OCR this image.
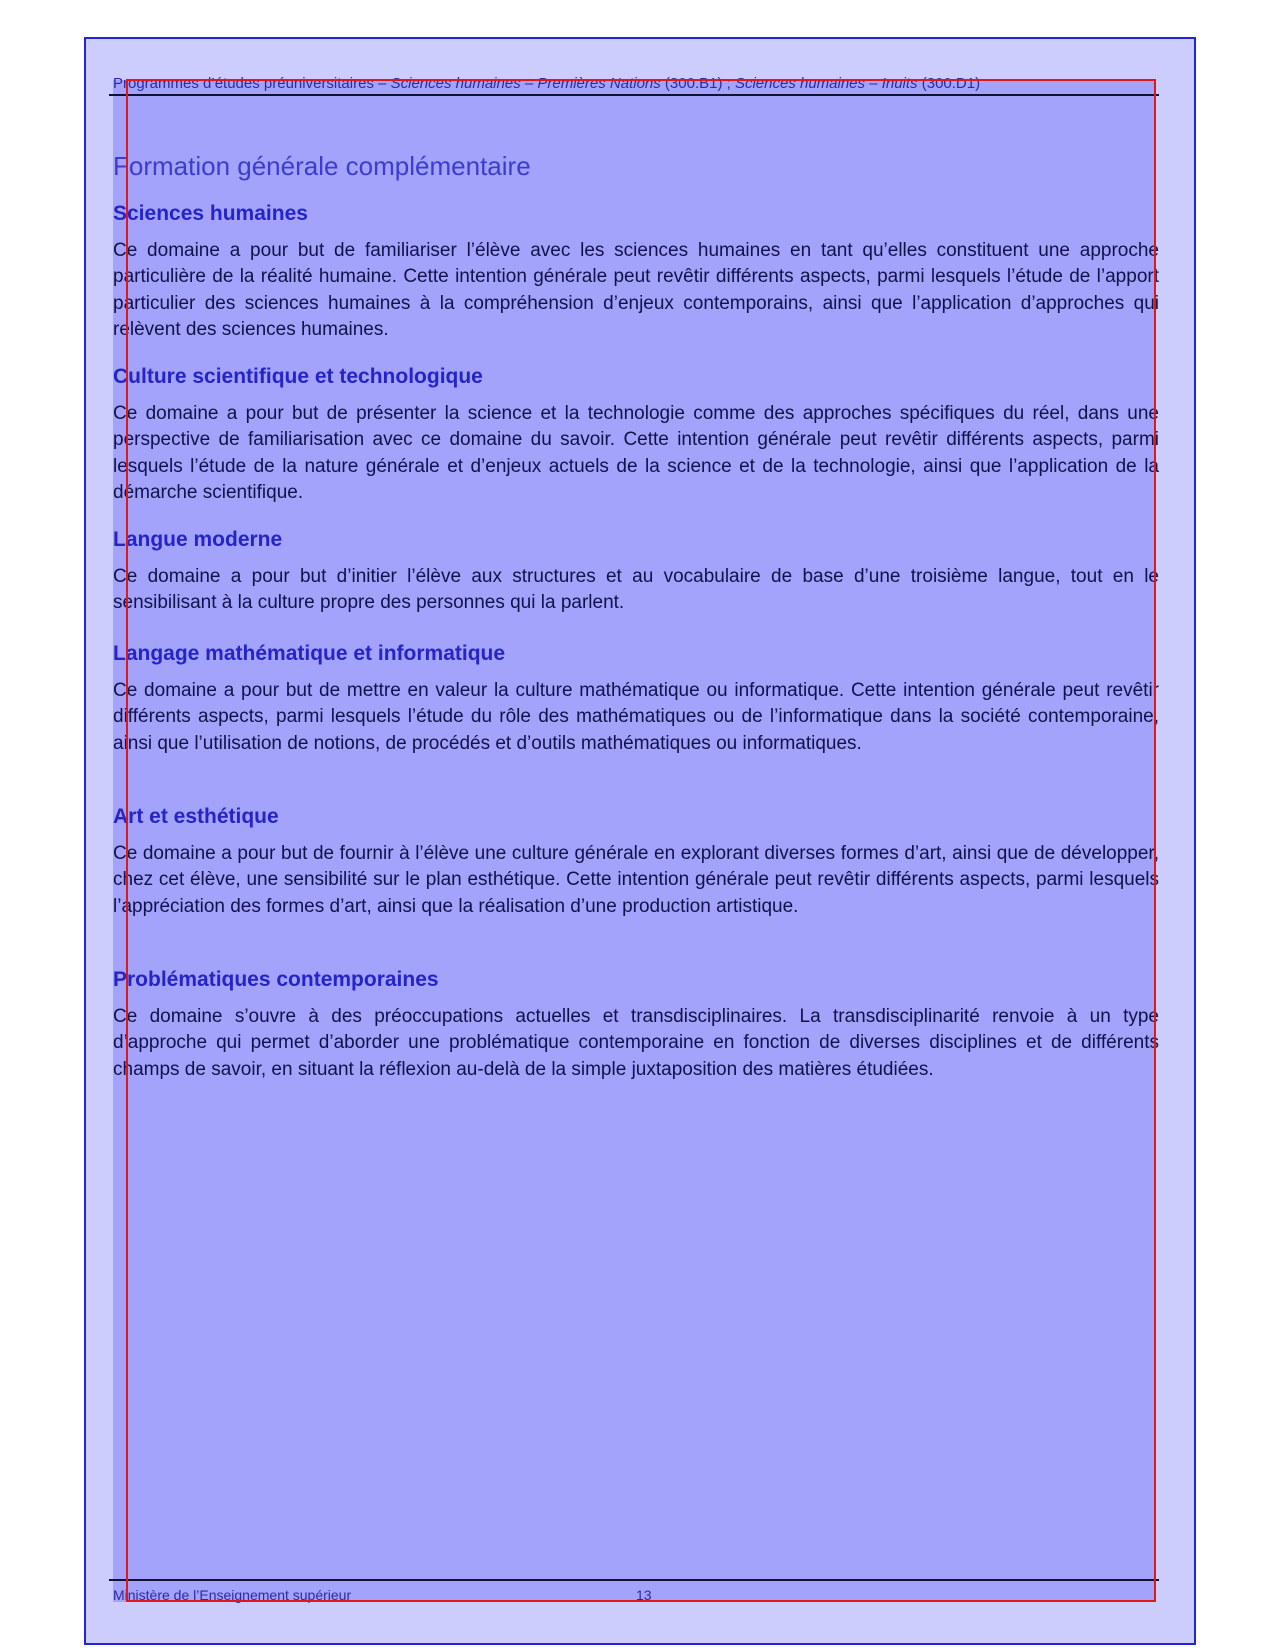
Programmes d’études préuniversitaires – Sciences humaines – Premières Nations (300.B1) ; Sciences humaines – Inuits (300.D1)
Formation générale complémentaire
Sciences humaines

Ce domaine a pour but de familiariser l’élève avec les sciences humaines en tant qu’elles constituent une approche particulière de la réalité humaine. Cette intention générale peut revêtir différents aspects, parmi lesquels l’étude de l’apport particulier des sciences humaines à la compréhension d’enjeux contemporains, ainsi que l’application d’approches qui relèvent des sciences humaines.

Culture scientifique et technologique

Ce domaine a pour but de présenter la science et la technologie comme des approches spécifiques du réel, dans une perspective de familiarisation avec ce domaine du savoir. Cette intention générale peut revêtir différents aspects, parmi lesquels l’étude de la nature générale et d’enjeux actuels de la science et de la technologie, ainsi que l’application de la démarche scientifique.

Langue moderne

Ce domaine a pour but d’initier l’élève aux structures et au vocabulaire de base d’une troisième langue, tout en le sensibilisant à la culture propre des personnes qui la parlent.

Langage mathématique et informatique

Ce domaine a pour but de mettre en valeur la culture mathématique ou informatique. Cette intention générale peut revêtir différents aspects, parmi lesquels l’étude du rôle des mathématiques ou de l’informatique dans la société contemporaine, ainsi que l’utilisation de notions, de procédés et d’outils mathématiques ou informatiques.

Art et esthétique

Ce domaine a pour but de fournir à l’élève une culture générale en explorant diverses formes d’art, ainsi que de développer, chez cet élève, une sensibilité sur le plan esthétique. Cette intention générale peut revêtir différents aspects, parmi lesquels l’appréciation des formes d’art, ainsi que la réalisation d’une production artistique.

Problématiques contemporaines

Ce domaine s’ouvre à des préoccupations actuelles et transdisciplinaires. La transdisciplinarité renvoie à un type d’approche qui permet d’aborder une problématique contemporaine en fonction de diverses disciplines et de différents champs de savoir, en situant la réflexion au-delà de la simple juxtaposition des matières étudiées.

Ministère de l’Enseignement supérieur	13
